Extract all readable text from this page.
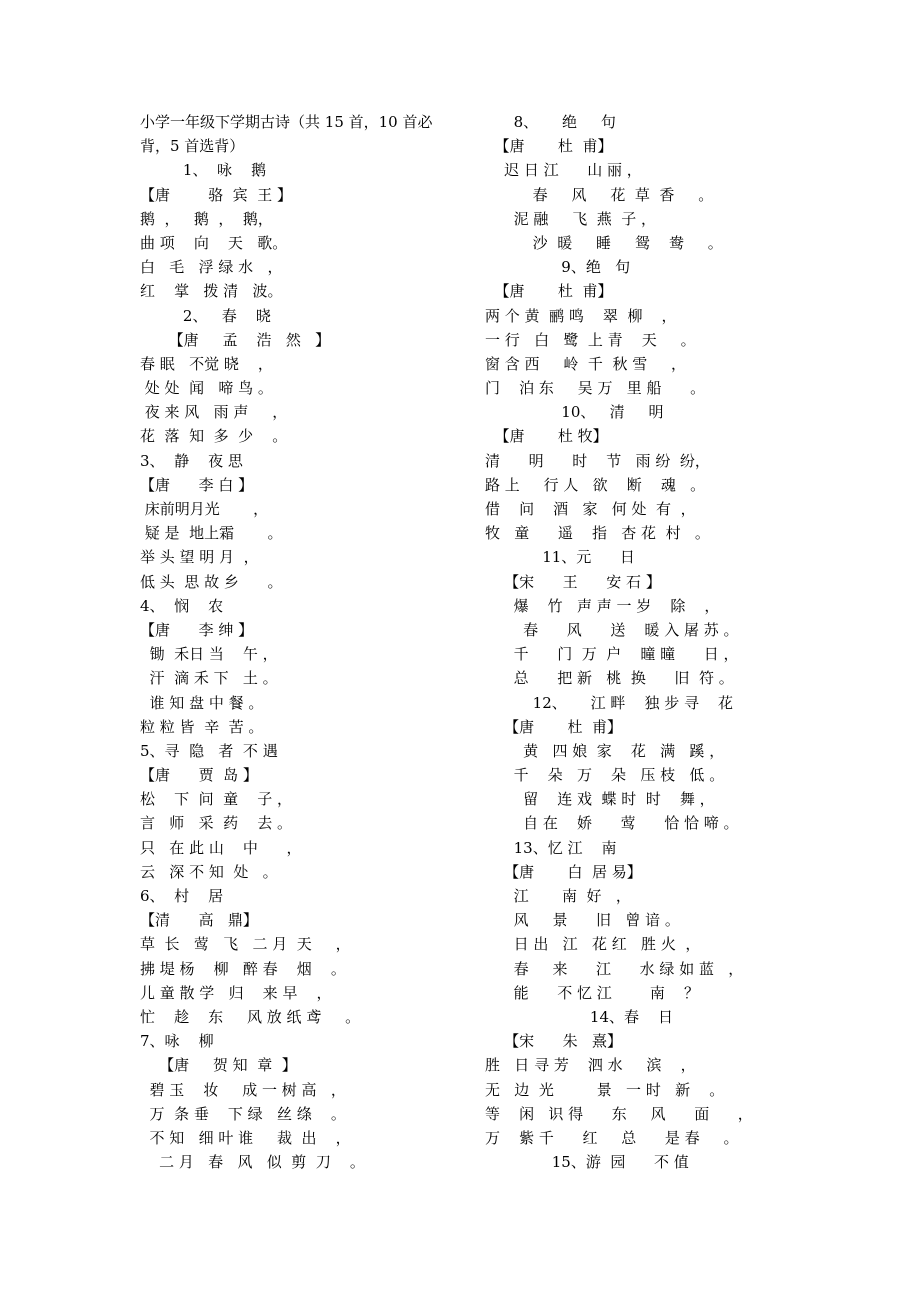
小学一年级下学期古诗（共 15 首，10 首必
背，5 首选背）
1、  咏    鹅
【唐        骆  宾  王 】
鹅  ，   鹅  ，  鹅，
曲 项    向    天   歌。
白   毛   浮 绿 水   ，
红    掌   拨 清   波。
2、   春    晓
【唐     孟    浩   然   】
春 眠   不觉 晓    ，
处 处  闻   啼 鸟 。
夜 来 风   雨 声     ，
花  落  知  多  少    。
3、  静    夜 思
【唐      李 白 】
床前明月光       ，
疑 是  地上霜       。
举 头 望 明 月  ，
低 头  思 故 乡      。
4、  悯    农
【唐      李 绅 】
锄  禾日 当    午 ，
汗  滴 禾 下   土 。
谁 知 盘 中 餐 。
粒 粒 皆  辛  苦 。
5、寻  隐   者  不 遇
【唐      贾  岛 】
松    下  问  童    子 ，
言   师   采  药    去 。
只   在 此 山    中      ，
云   深 不 知  处   。
6、  村    居
【清      高   鼎】
草  长   莺   飞   二 月  天     ，
拂 堤 杨    柳   醉 春    烟    。
儿 童 散 学   归    来 早    ，
忙    趁    东     风 放 纸 鸢     。
7、咏    柳
【唐     贺 知  章  】
碧 玉    妆     成 一 树 高   ，
万  条 垂    下 绿   丝 绦    。
不 知   细 叶 谁     裁  出    ，
二 月   春   风   似  剪  刀    。
8、     绝     句
【唐       杜  甫】
迟 日 江      山 丽 ，
春     风     花  草  香     。
泥 融     飞  燕  子 ，
沙  暖     睡     鸳    鸯     。
9、绝   句
【唐       杜  甫】
两 个 黄  鹂 鸣    翠  柳    ，
一 行   白   鹭  上 青    天     。
窗 含 西     岭  千  秋 雪     ，
门    泊 东     吴 万   里 船      。
10、   清     明
【唐       杜 牧】
清      明      时    节   雨 纷  纷，
路 上     行 人   欲    断    魂   。
借    问    酒   家   何 处  有  ，
牧   童      遥    指   杏 花  村   。
11、元      日
【宋      王      安 石 】
爆    竹   声 声 一 岁    除    ，
春      风      送    暖 入 屠 苏 。
千      门  万  户    曈 曈      日 ，
总      把 新   桃  换      旧  符 。
12、     江 畔    独 步 寻    花
【唐       杜  甫】
黄   四 娘  家    花   满   蹊 ，
千    朵   万    朵   压 枝   低 。
留    连 戏  蝶 时  时    舞 ，
自 在    娇      莺      恰 恰 啼 。
13、忆 江    南
【唐       白  居 易】
江       南  好   ，
风     景      旧   曾 谙 。
日 出   江   花 红   胜 火  ，
春     来      江      水 绿 如 蓝   ，
能      不 忆 江        南    ？
14、春    日
【宋      朱   熹】
胜   日 寻 芳    泗 水     滨    ，
无   边  光         景   一 时   新    。
等    闲   识 得      东     风      面      ，
万    紫 千      红     总      是 春     。
15、游  园      不 值
